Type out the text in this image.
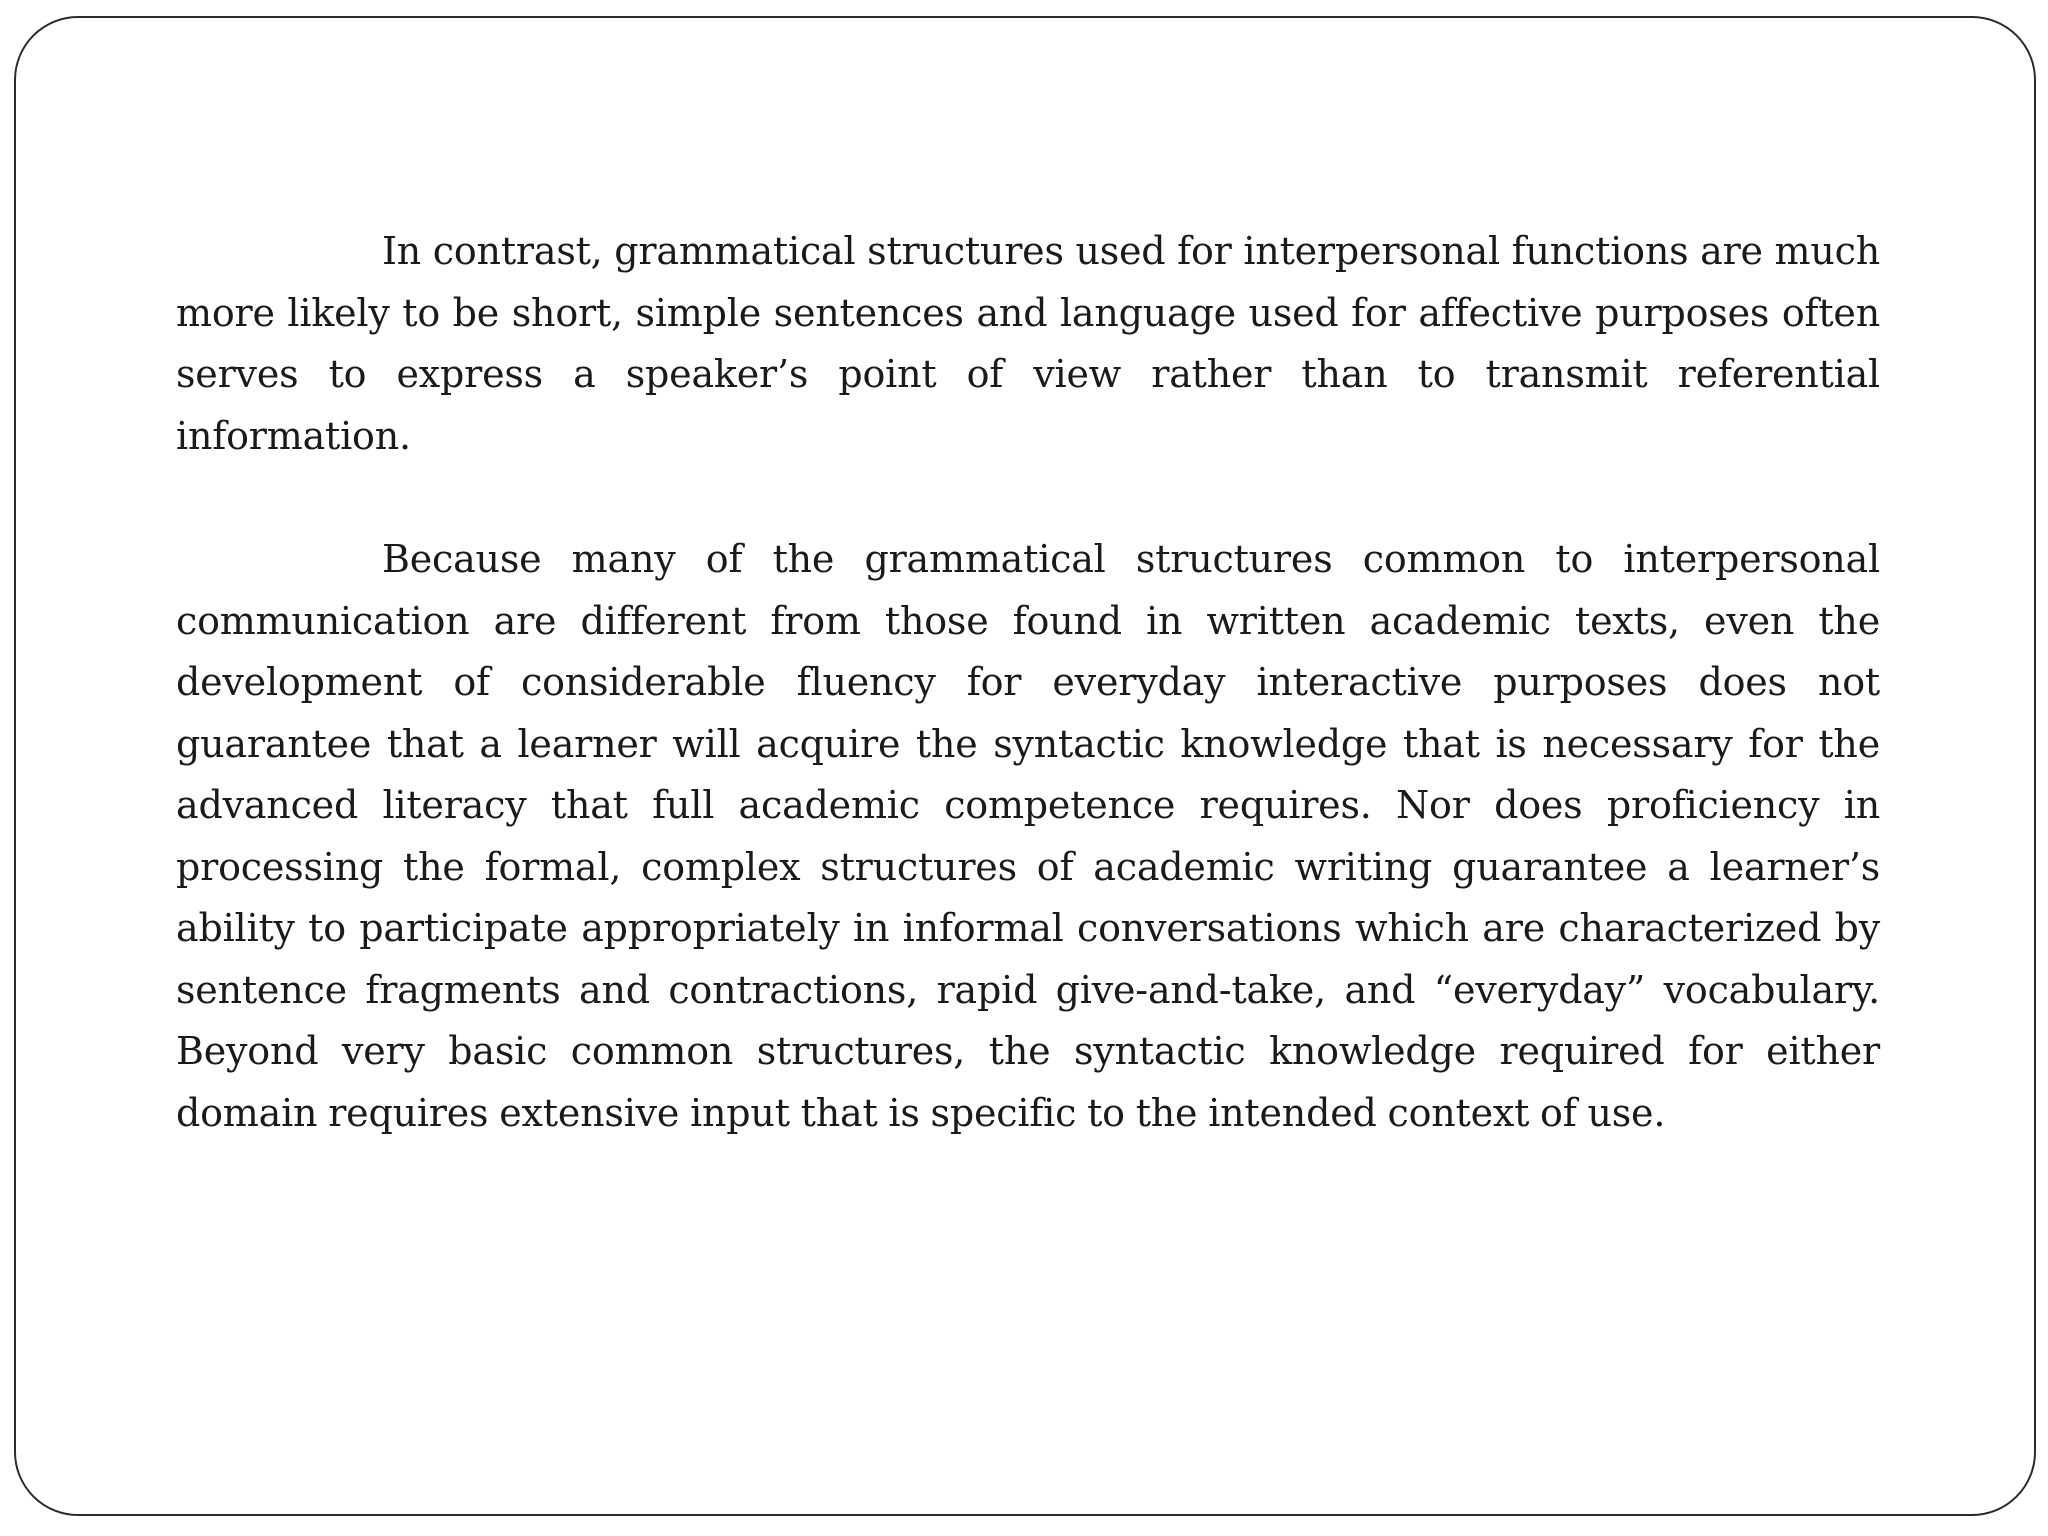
In contrast, grammatical structures used for interpersonal functions are much more likely to be short, simple sentences and language used for affective purposes often serves to express a speaker’s point of view rather than to transmit referential information.

Because many of the grammatical structures common to interpersonal communication are different from those found in written academic texts, even the development of considerable fluency for everyday interactive purposes does not guarantee that a learner will acquire the syntactic knowledge that is necessary for the advanced literacy that full academic competence requires. Nor does proficiency in processing the formal, complex structures of academic writing guarantee a learner’s ability to participate appropriately in informal conversations which are characterized by sentence fragments and contractions, rapid give-and-take, and “everyday” vocabulary. Beyond very basic common structures, the syntactic knowledge required for either domain requires extensive input that is specific to the intended context of use.
